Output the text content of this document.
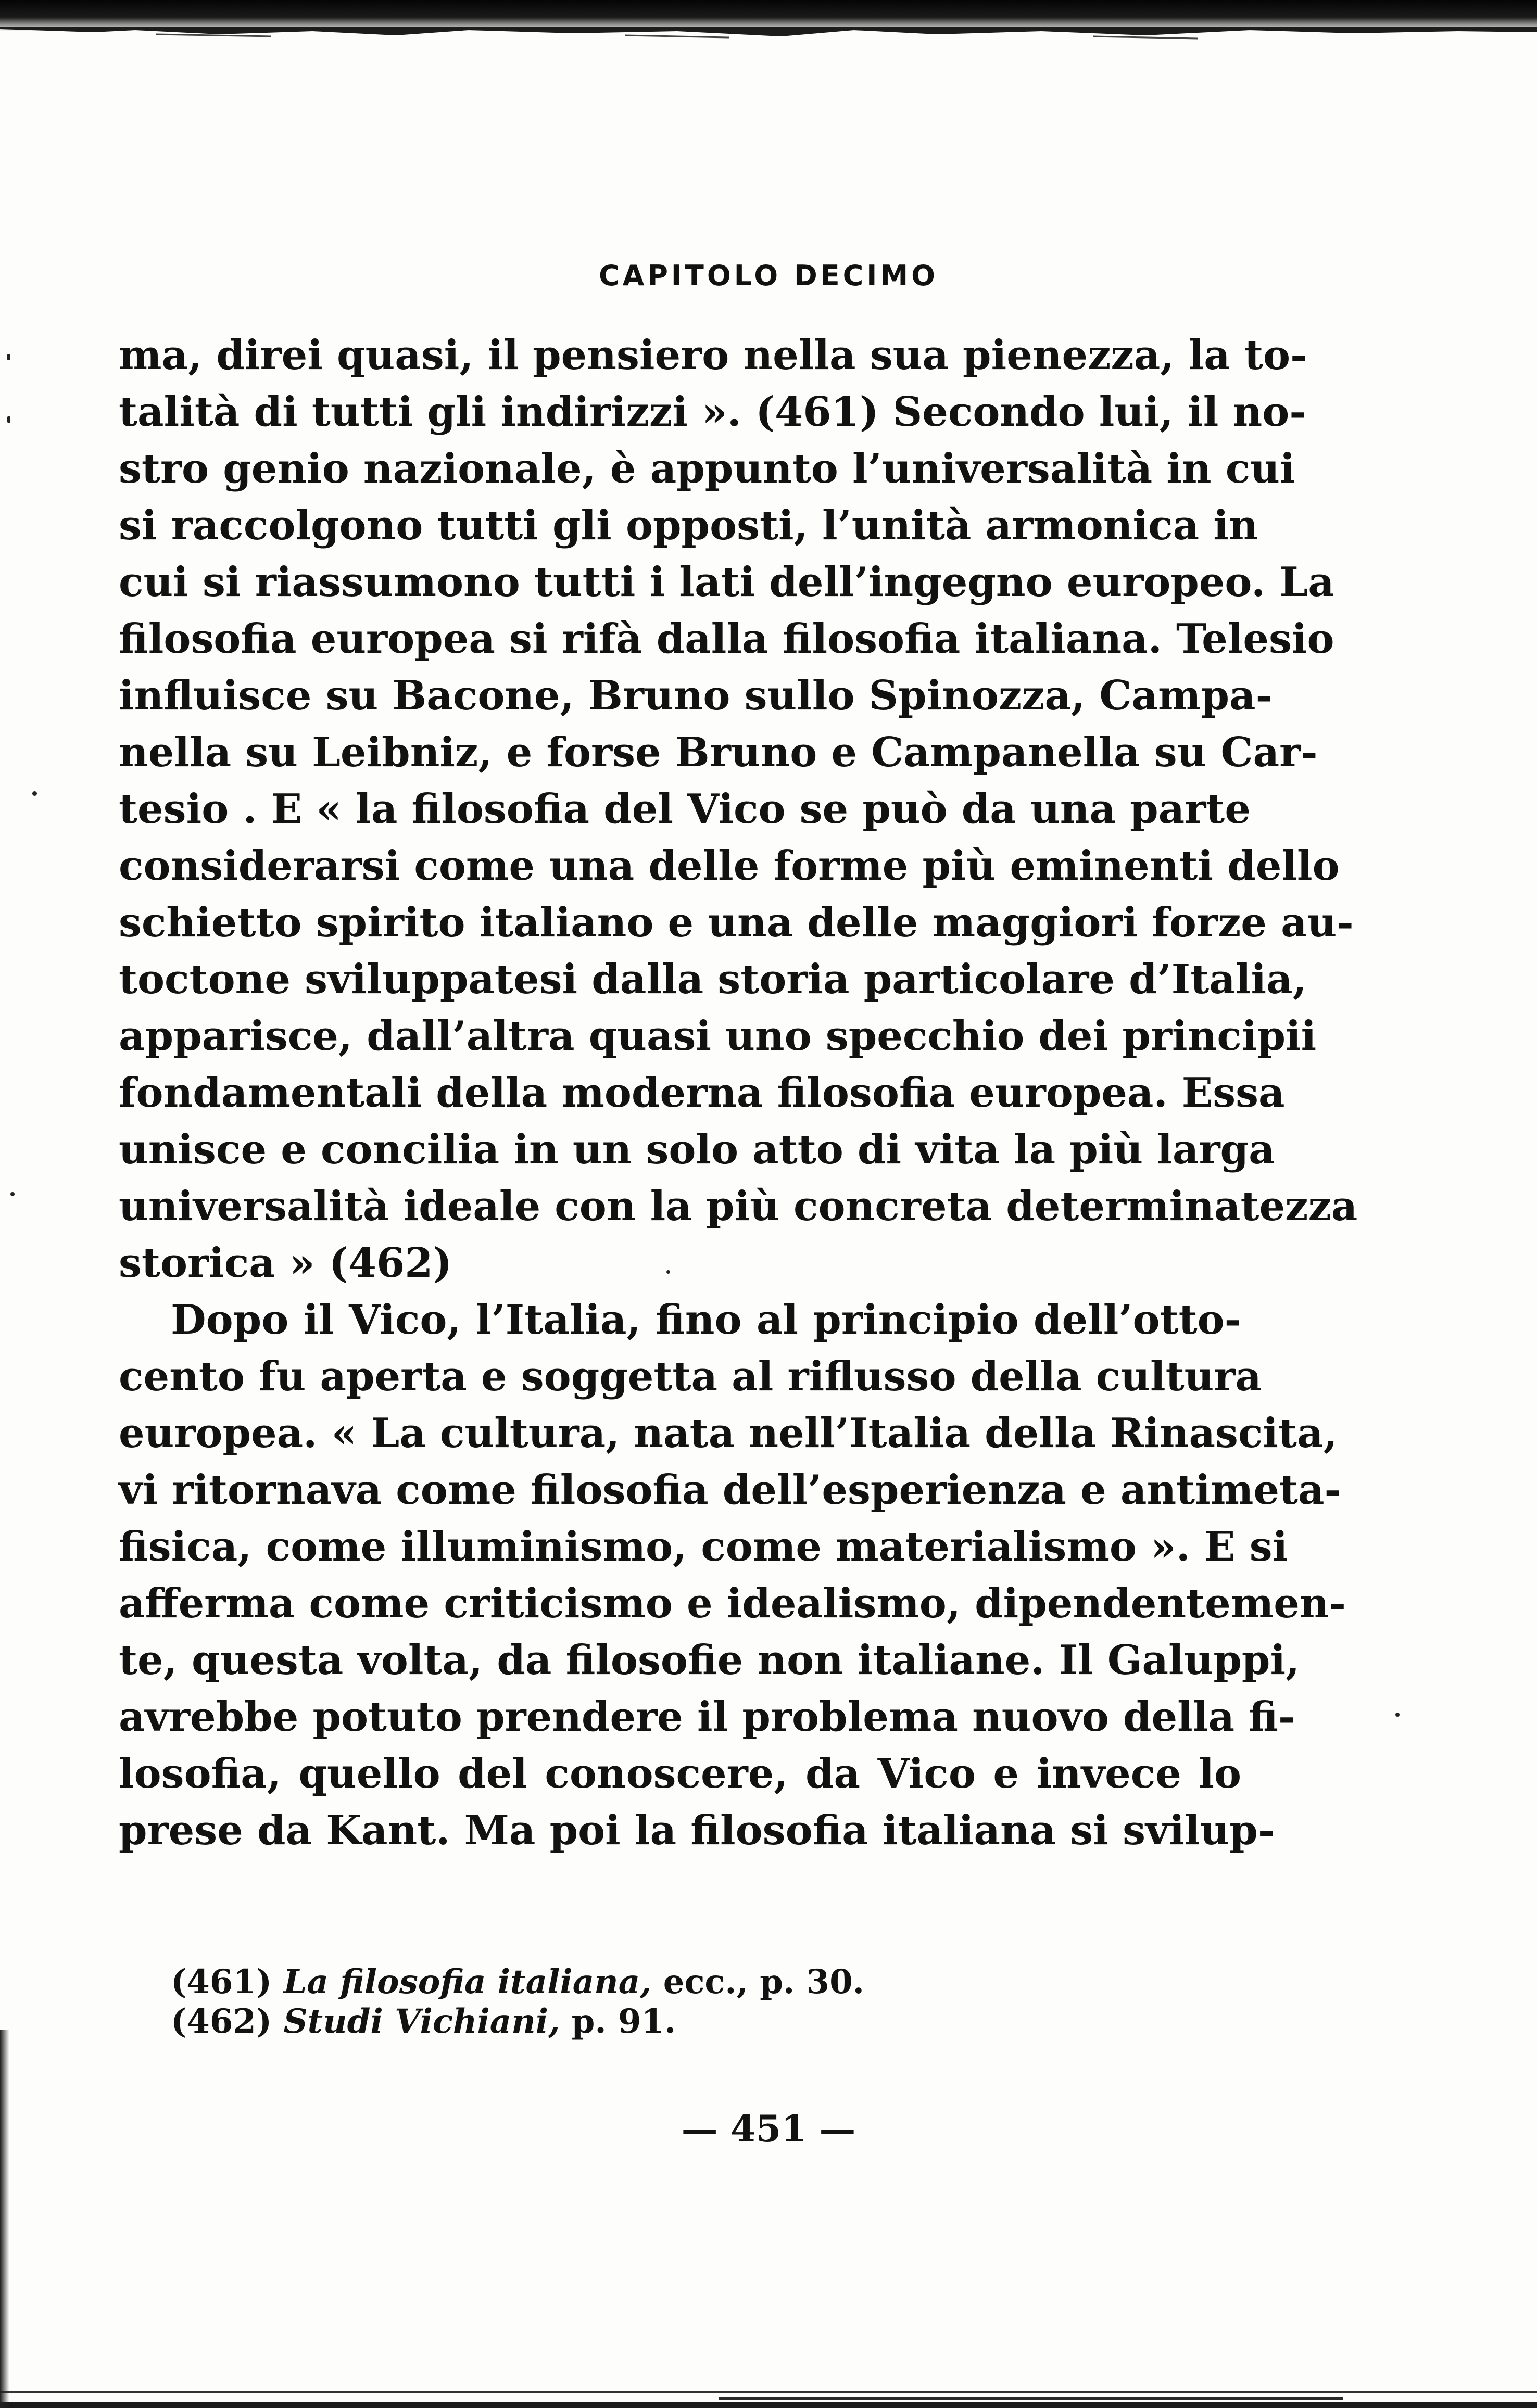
CAPITOLO DECIMO
ma, direi quasi, il pensiero nella sua pienezza, la to-
talità di tutti gli indirizzi ». (461) Secondo lui, il no-
stro genio nazionale, è appunto l’universalità in cui
si raccolgono tutti gli opposti, l’unità armonica in
cui si riassumono tutti i lati dell’ingegno europeo. La
filosofia europea si rifà dalla filosofia italiana. Telesio
influisce su Bacone, Bruno sullo Spinozza, Campa-
nella su Leibniz, e forse Bruno e Campanella su Car-
tesio . E « la filosofia del Vico se può da una parte
considerarsi come una delle forme più eminenti dello
schietto spirito italiano e una delle maggiori forze au-
toctone sviluppatesi dalla storia particolare d’Italia,
apparisce, dall’altra quasi uno specchio dei principii
fondamentali della moderna filosofia europea. Essa
unisce e concilia in un solo atto di vita la più larga
universalità ideale con la più concreta determinatezza
storica » (462)
Dopo il Vico, l’Italia, fino al principio dell’otto-
cento fu aperta e soggetta al riflusso della cultura
europea. « La cultura, nata nell’Italia della Rinascita,
vi ritornava come filosofia dell’esperienza e antimeta-
fisica, come illuminismo, come materialismo ». E si
afferma come criticismo e idealismo, dipendentemen-
te, questa volta, da filosofie non italiane. Il Galuppi,
avrebbe potuto prendere il problema nuovo della fi-
losofia, quello del conoscere, da Vico e invece lo
prese da Kant. Ma poi la filosofia italiana si svilup-
(461) La filosofia italiana, ecc., p. 30.
(462) Studi Vichiani, p. 91.
— 451 —
